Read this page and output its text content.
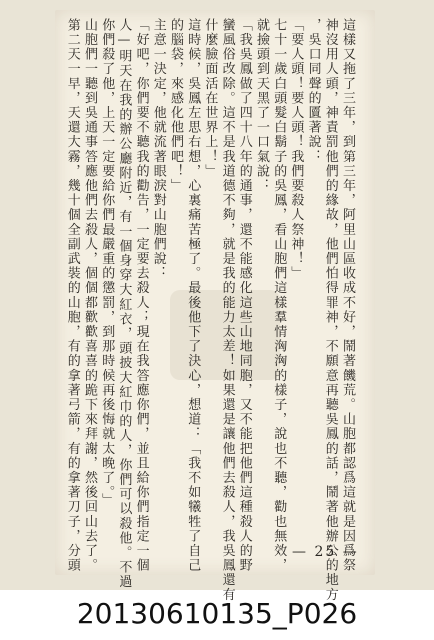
這樣又拖了三年，到第三年，阿里山區收成不好，鬧著饑荒。山胞都認爲這就是因爲祭
神沒用人頭，神責罰他們的緣故，他們怕得罪神，不願意再聽吳鳳的話，鬧著他辦公的地方
，吳口同聲的匵著說：
「要人頭！要人頭！我們要殺人祭神！」
七十一歲白頭髮白鬍子的吳鳳，看山胞們這樣羣情洶洶的樣子，說也不聽，勸也無效，
就撿頭到天黑了一口氣說：
「我吳鳳做了四十八年的通事，還不能感化這些山地同胞，又不能把他們這種殺人的野
蠻風俗改除。這不是我道德不夠，就是我的能力太差！如果還是讓他們去殺人，我吳鳳還有
什麼臉面活在世界上！」
這時候，吳鳳左思右想，心裏痛苦極了。最後他下了決心，想道：「我不如犧牲了自己
的腦袋，來感化他們吧！」
主意一決定，他就流著眼淚對山胞們說：
「好吧，你們要不聽我的勸告，一定要去殺人；現在我答應你們，並且給你們指定一個
人—明天在我的辦公廳附近，有一個身穿大紅衣，頭披大紅巾的人，你們可以殺他。不過
你們殺了他，上天一定要給你們最嚴重的懲罰，到那時候再後悔就太晚了。」
山胞們一聽到吳通事答應他們去殺人，個個都歡歡喜喜的跪下來拜謝，然後回山去了。
第二天一早，天還大霧，幾十個全副武裝的山胞，有的拿著弓箭，有的拿著刀子，分頭	— 25 —
20130610135_P026
